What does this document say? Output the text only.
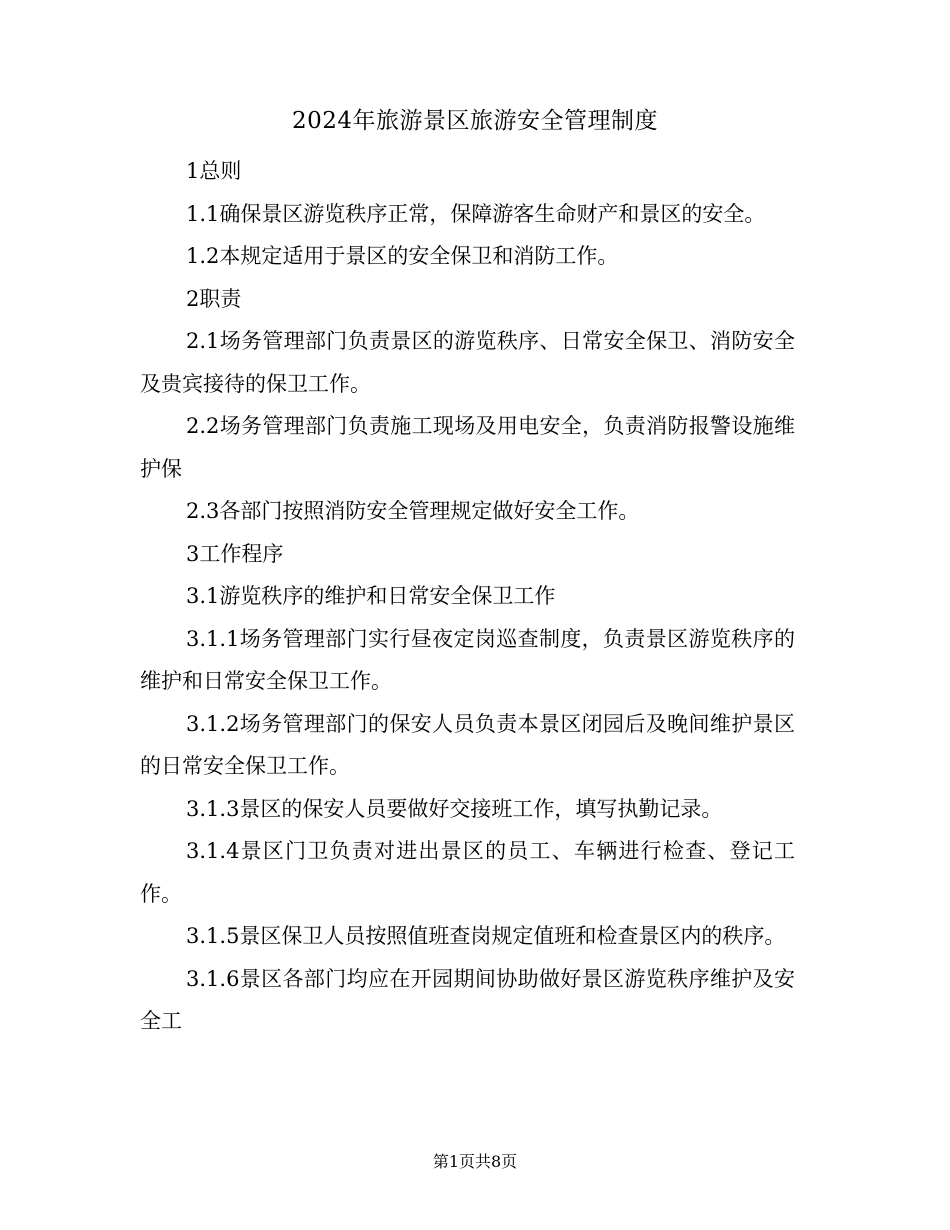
2024年旅游景区旅游安全管理制度

1总则

1.1确保景区游览秩序正常，保障游客生命财产和景区的安全。

1.2本规定适用于景区的安全保卫和消防工作。

2职责

2.1场务管理部门负责景区的游览秩序、日常安全保卫、消防安全及贵宾接待的保卫工作。

2.2场务管理部门负责施工现场及用电安全，负责消防报警设施维护保

2.3各部门按照消防安全管理规定做好安全工作。

3工作程序

3.1游览秩序的维护和日常安全保卫工作

3.1.1场务管理部门实行昼夜定岗巡查制度，负责景区游览秩序的维护和日常安全保卫工作。

3.1.2场务管理部门的保安人员负责本景区闭园后及晚间维护景区的日常安全保卫工作。

3.1.3景区的保安人员要做好交接班工作，填写执勤记录。

3.1.4景区门卫负责对进出景区的员工、车辆进行检查、登记工作。

3.1.5景区保卫人员按照值班查岗规定值班和检查景区内的秩序。

3.1.6景区各部门均应在开园期间协助做好景区游览秩序维护及安全工

第1页共8页
